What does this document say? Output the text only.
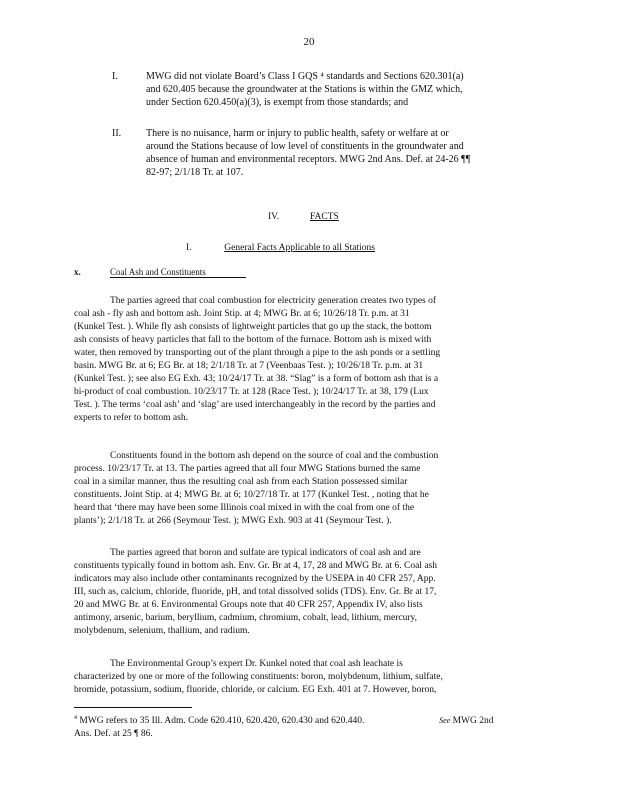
20
I.	MWG did not violate Board’s Class I GQS ⁴ standards and Sections 620.301(a)
and 620.405 because the groundwater at the Stations is within the GMZ which,
under Section 620.450(a)(3), is exempt from those standards; and
II. There is no nuisance, harm or injury to public health, safety or welfare at or
around the Stations because of low level of constituents in the groundwater and
absence of human and environmental receptors. MWG 2nd Ans. Def. at 24-26 ¶¶
82-97; 2/1/18 Tr. at 107.
IV.	FACTS
I.	General Facts Applicable to all Stations
x.	Coal Ash and Constituents
The parties agreed that coal combustion for electricity generation creates two types of
coal ash - fly ash and bottom ash. Joint Stip. at 4; MWG Br. at 6; 10/26/18 Tr. p.m. at 31
(Kunkel Test. ). While fly ash consists of lightweight particles that go up the stack, the bottom
ash consists of heavy particles that fall to the bottom of the furnace. Bottom ash is mixed with
water, then removed by transporting out of the plant through a pipe to the ash ponds or a settling
basin. MWG Br. at 6; EG Br. at 18; 2/1/18 Tr. at 7 (Veenbaas Test. ); 10/26/18 Tr. p.m. at 31
(Kunkel Test. ); see also EG Exh. 43; 10/24/17 Tr. at 38. “Slag” is a form of bottom ash that is a
bi-product of coal combustion. 10/23/17 Tr. at 128 (Race Test. ); 10/24/17 Tr. at 38, 179 (Lux
Test. ). The terms ‘coal ash’ and ‘slag’ are used interchangeably in the record by the parties and
experts to refer to bottom ash.
Constituents found in the bottom ash depend on the source of coal and the combustion
process. 10/23/17 Tr. at 13. The parties agreed that all four MWG Stations burned the same
coal in a similar manner, thus the resulting coal ash from each Station possessed similar
constituents. Joint Stip. at 4; MWG Br. at 6; 10/27/18 Tr. at 177 (Kunkel Test. , noting that he
heard that ‘there may have been some Illinois coal mixed in with the coal from one of the
plants’); 2/1/18 Tr. at 266 (Seymour Test. ); MWG Exh. 903 at 41 (Seymour Test. ).
The parties agreed that boron and sulfate are typical indicators of coal ash and are
constituents typically found in bottom ash. Env. Gr. Br at 4, 17, 28 and MWG Br. at 6. Coal ash
indicators may also include other contaminants recognized by the USEPA in 40 CFR 257, App.
III, such as, calcium, chloride, fluoride, pH, and total dissolved solids (TDS). Env. Gr. Br at 17,
20 and MWG Br. at 6. Environmental Groups note that 40 CFR 257, Appendix IV, also lists
antimony, arsenic, barium, beryllium, cadmium, chromium, cobalt, lead, lithium, mercury,
molybdenum, selenium, thallium, and radium.
The Environmental Group’s expert Dr. Kunkel noted that coal ash leachate is
characterized by one or more of the following constituents: boron, molybdenum, lithium, sulfate,
bromide, potassium, sodium, fluoride, chloride, or calcium. EG Exh. 401 at 7. However, boron,
$^4$ MWG refers to 35 Ill. Adm. Code 620.410, 620.420, 620.430 and 620.440.	See MWG 2nd
Ans. Def. at 25 ¶ 86.
